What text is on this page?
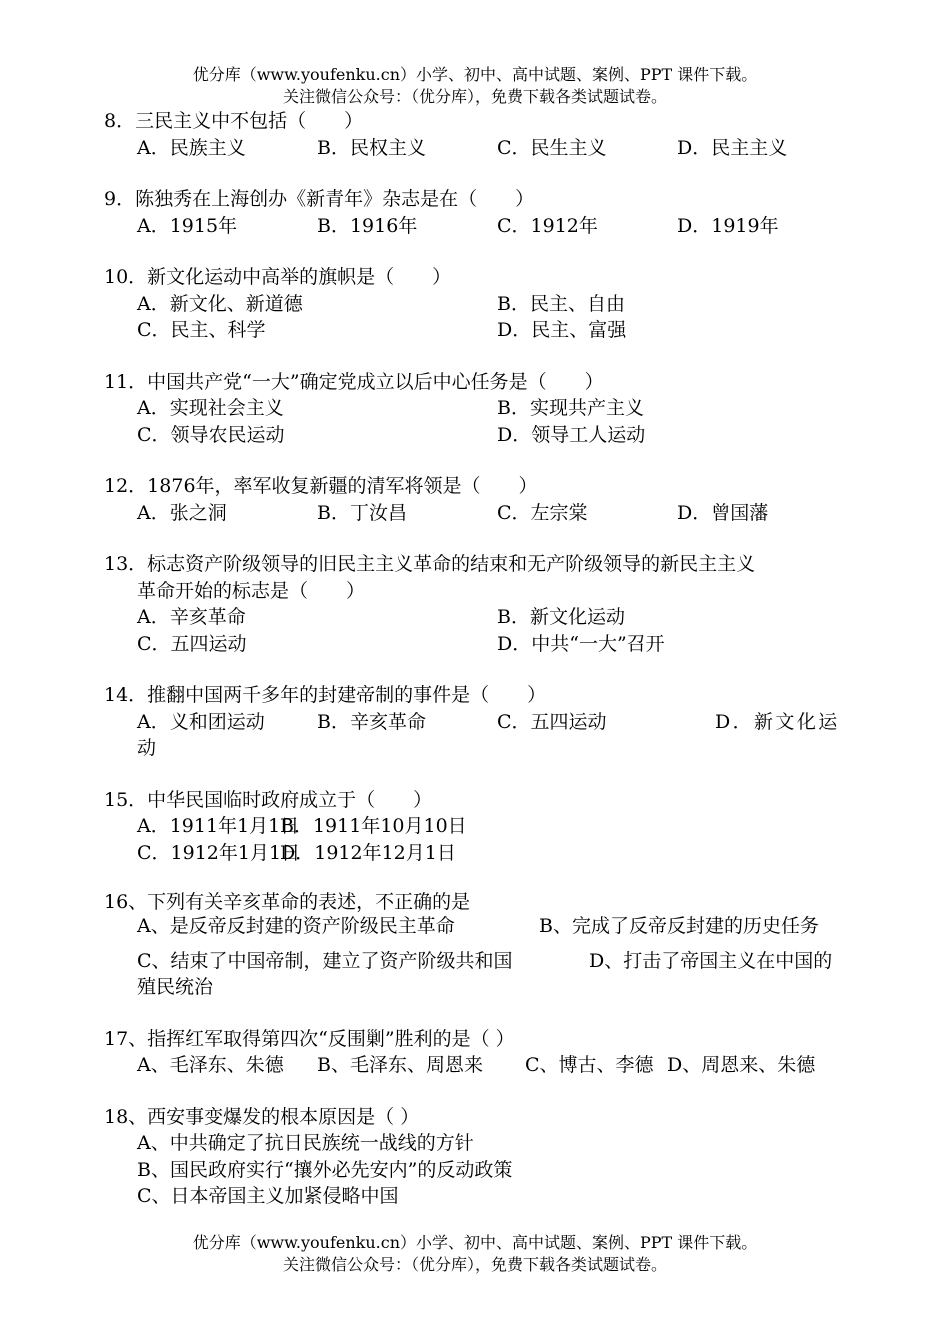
优分库（www.youfenku.cn）小学、初中、高中试题、案例、PPT 课件下载。
关注微信公众号：（优分库），免费下载各类试题试卷。
8．三民主义中不包括（　　）
A．民族主义	B．民权主义	C．民生主义	D．民主主义
9．陈独秀在上海创办《新青年》杂志是在（　　）
A．1915年	B．1916年	C．1912年	D．1919年
10．新文化运动中高举的旗帜是（　　）
A．新文化、新道德	B．民主、自由
C．民主、科学	D．民主、富强
11．中国共产党“一大”确定党成立以后中心任务是（　　）
A．实现社会主义	B．实现共产主义
C．领导农民运动	D．领导工人运动
12．1876年，率军收复新疆的清军将领是（　　）
A．张之洞	B．丁汝昌	C．左宗棠	D．曾国藩
13．标志资产阶级领导的旧民主主义革命的结束和无产阶级领导的新民主主义
革命开始的标志是（　　）
A．辛亥革命	B．新文化运动
C．五四运动	D．中共“一大”召开
14．推翻中国两千多年的封建帝制的事件是（　　）
A．义和团运动	B．辛亥革命	C．五四运动	D．新文化运动
15．中华民国临时政府成立于（　　）
A．1911年1月1日B．1911年10月10日
C．1912年1月1日D．1912年12月1日
16、下列有关辛亥革命的表述，不正确的是
A、是反帝反封建的资产阶级民主革命	B、完成了反帝反封建的历史任务
C、结束了中国帝制，建立了资产阶级共和国	D、打击了帝国主义在中国的殖民统治
17、指挥红军取得第四次“反围剿”胜利的是（ ）
A、毛泽东、朱德 B、毛泽东、周恩来 C、博古、李德 D、周恩来、朱德
18、西安事变爆发的根本原因是（ ）
A、中共确定了抗日民族统一战线的方针
B、国民政府实行“攘外必先安内”的反动政策
C、日本帝国主义加紧侵略中国
优分库（www.youfenku.cn）小学、初中、高中试题、案例、PPT 课件下载。
关注微信公众号：（优分库），免费下载各类试题试卷。
